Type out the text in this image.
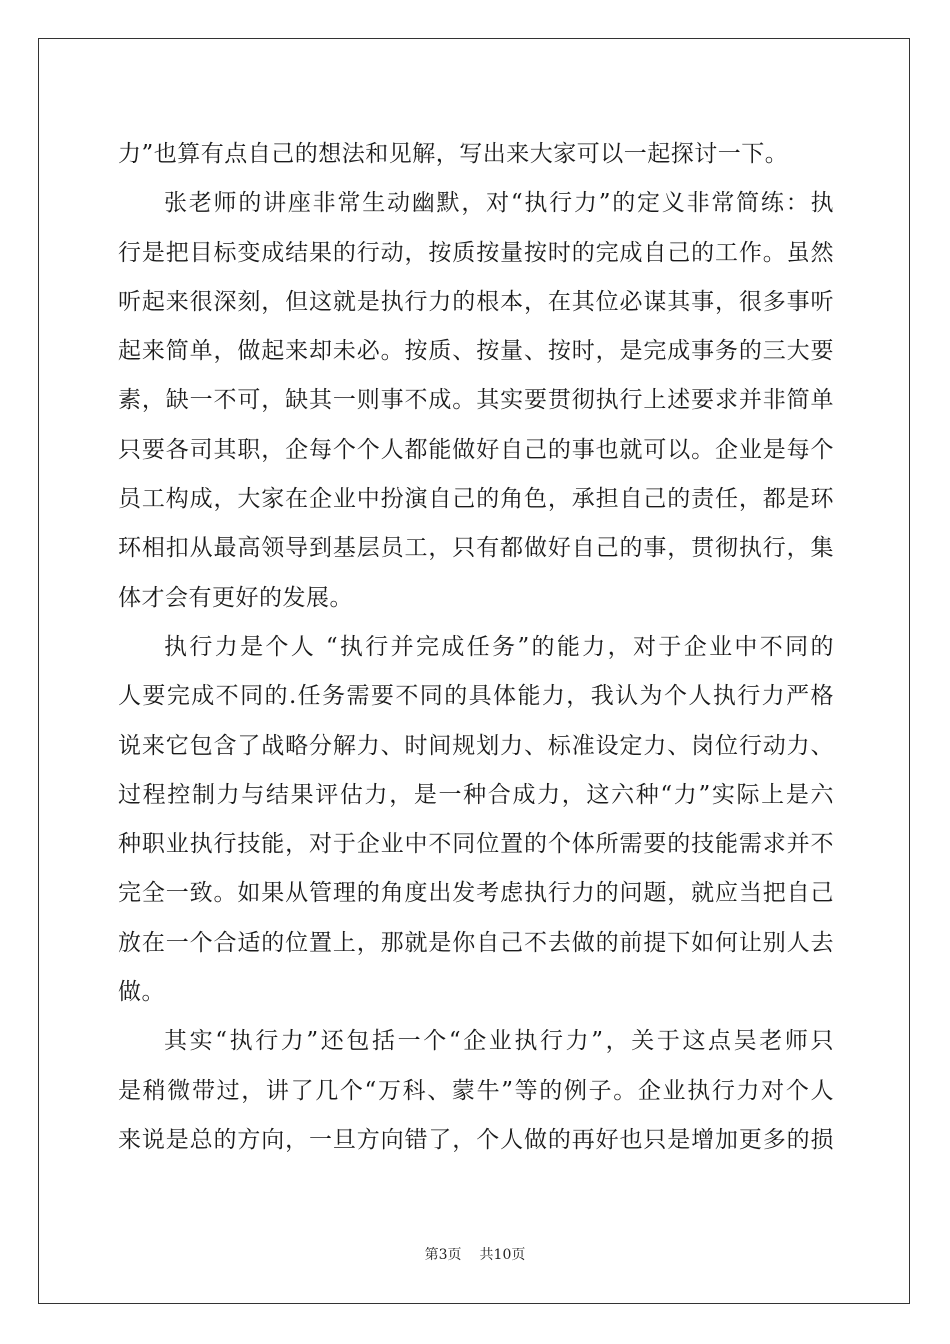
力”也算有点自己的想法和见解，写出来大家可以一起探讨一下。
张老师的讲座非常生动幽默，对“执行力”的定义非常简练：执
行是把目标变成结果的行动，按质按量按时的完成自己的工作。虽然
听起来很深刻，但这就是执行力的根本，在其位必谋其事，很多事听
起来简单，做起来却未必。按质、按量、按时，是完成事务的三大要
素，缺一不可，缺其一则事不成。其实要贯彻执行上述要求并非简单
只要各司其职，企每个个人都能做好自己的事也就可以。企业是每个
员工构成，大家在企业中扮演自己的角色，承担自己的责任，都是环
环相扣从最高领导到基层员工，只有都做好自己的事，贯彻执行，集
体才会有更好的发展。
执行力是个人 “执行并完成任务”的能力，对于企业中不同的
人要完成不同的.任务需要不同的具体能力，我认为个人执行力严格
说来它包含了战略分解力、时间规划力、标准设定力、岗位行动力、
过程控制力与结果评估力，是一种合成力，这六种“力”实际上是六
种职业执行技能，对于企业中不同位置的个体所需要的技能需求并不
完全一致。如果从管理的角度出发考虑执行力的问题，就应当把自己
放在一个合适的位置上，那就是你自己不去做的前提下如何让别人去
做。
其实“执行力”还包括一个“企业执行力”，关于这点吴老师只
是稍微带过，讲了几个“万科、蒙牛”等的例子。企业执行力对个人
来说是总的方向，一旦方向错了，个人做的再好也只是增加更多的损
第3页 共10页
